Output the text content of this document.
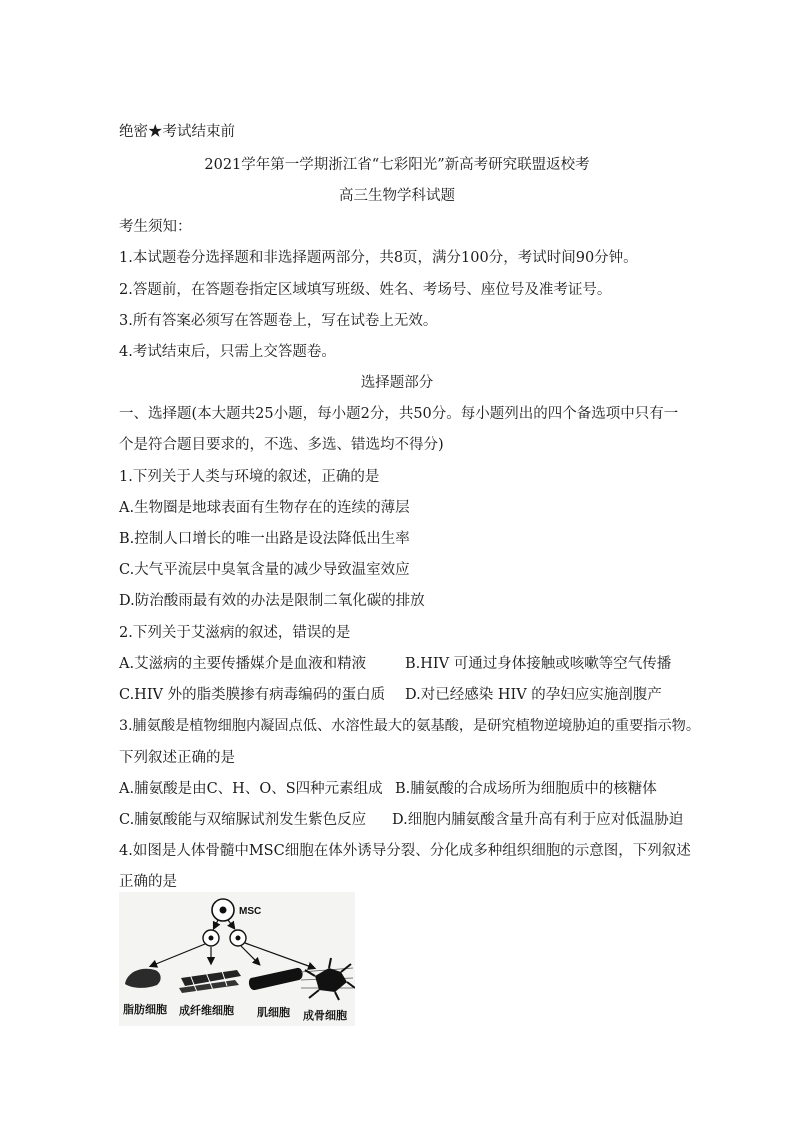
绝密★考试结束前
2021学年第一学期浙江省“七彩阳光”新高考研究联盟返校考
高三生物学科试题
考生须知：
1.本试题卷分选择题和非选择题两部分，共8页，满分100分，考试时间90分钟。
2.答题前，在答题卷指定区域填写班级、姓名、考场号、座位号及准考证号。
3.所有答案必须写在答题卷上，写在试卷上无效。
4.考试结束后，只需上交答题卷。
选择题部分
一、选择题(本大题共25小题，每小题2分，共50分。每小题列出的四个备选项中只有一
个是符合题目要求的，不选、多选、错选均不得分)
1.下列关于人类与环境的叙述，正确的是
A.生物圈是地球表面有生物存在的连续的薄层
B.控制人口增长的唯一出路是设法降低出生率
C.大气平流层中臭氧含量的减少导致温室效应
D.防治酸雨最有效的办法是限制二氧化碳的排放
2.下列关于艾滋病的叙述，错误的是
A.艾滋病的主要传播媒介是血液和精液	B.HIV 可通过身体接触或咳嗽等空气传播
C.HIV 外的脂类膜掺有病毒编码的蛋白质 D.对已经感染 HIV 的孕妇应实施剖腹产
3.脯氨酸是植物细胞内凝固点低、水溶性最大的氨基酸，是研究植物逆境胁迫的重要指示物。
下列叙述正确的是
A.脯氨酸是由C、H、O、S四种元素组成 B.脯氨酸的合成场所为细胞质中的核糖体
C.脯氨酸能与双缩脲试剂发生紫色反应 D.细胞内脯氨酸含量升高有利于应对低温胁迫
4.如图是人体骨髓中MSC细胞在体外诱导分裂、分化成多种组织细胞的示意图，下列叙述
正确的是
MSC
脂肪细胞 成纤维细胞 肌细胞 成骨细胞
